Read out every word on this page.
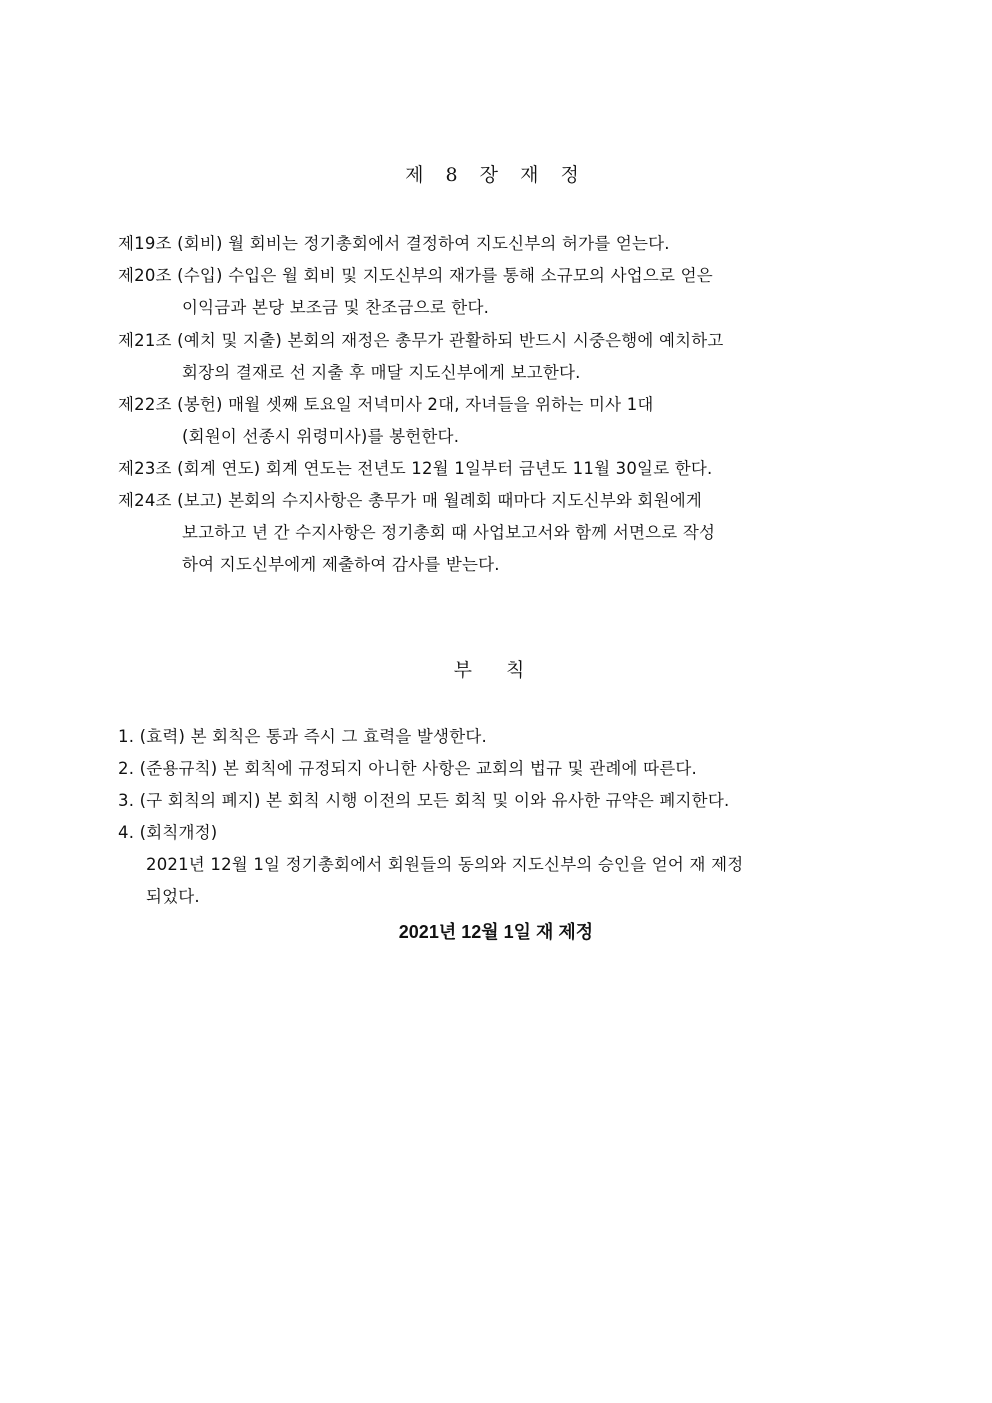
제 8 장 재 정
제19조 (회비) 월 회비는 정기총회에서 결정하여 지도신부의 허가를 얻는다.
제20조 (수입) 수입은 월 회비 및 지도신부의 재가를 통해 소규모의 사업으로 얻은
이익금과 본당 보조금 및 찬조금으로 한다.
제21조 (예치 및 지출) 본회의 재정은 총무가 관활하되 반드시 시중은행에 예치하고
회장의 결재로 선 지출 후 매달 지도신부에게 보고한다.
제22조 (봉헌) 매월 셋째 토요일 저녁미사 2대, 자녀들을 위하는 미사 1대
(회원이 선종시 위령미사)를 봉헌한다.
제23조 (회계 연도) 회계 연도는 전년도 12월 1일부터 금년도 11월 30일로 한다.
제24조 (보고) 본회의 수지사항은 총무가 매 월례회 때마다 지도신부와 회원에게
보고하고 년 간 수지사항은 정기총회 때 사업보고서와 함께 서면으로 작성
하여 지도신부에게 제출하여 감사를 받는다.
부 칙
1. (효력) 본 회칙은 통과 즉시 그 효력을 발생한다.
2. (준용규칙) 본 회칙에 규정되지 아니한 사항은 교회의 법규 및 관례에 따른다.
3. (구 회칙의 폐지) 본 회칙 시행 이전의 모든 회칙 및 이와 유사한 규약은 폐지한다.
4. (회칙개정)
2021년 12월 1일 정기총회에서 회원들의 동의와 지도신부의 승인을 얻어 재 제정
되었다.
2021년 12월 1일 재 제정
